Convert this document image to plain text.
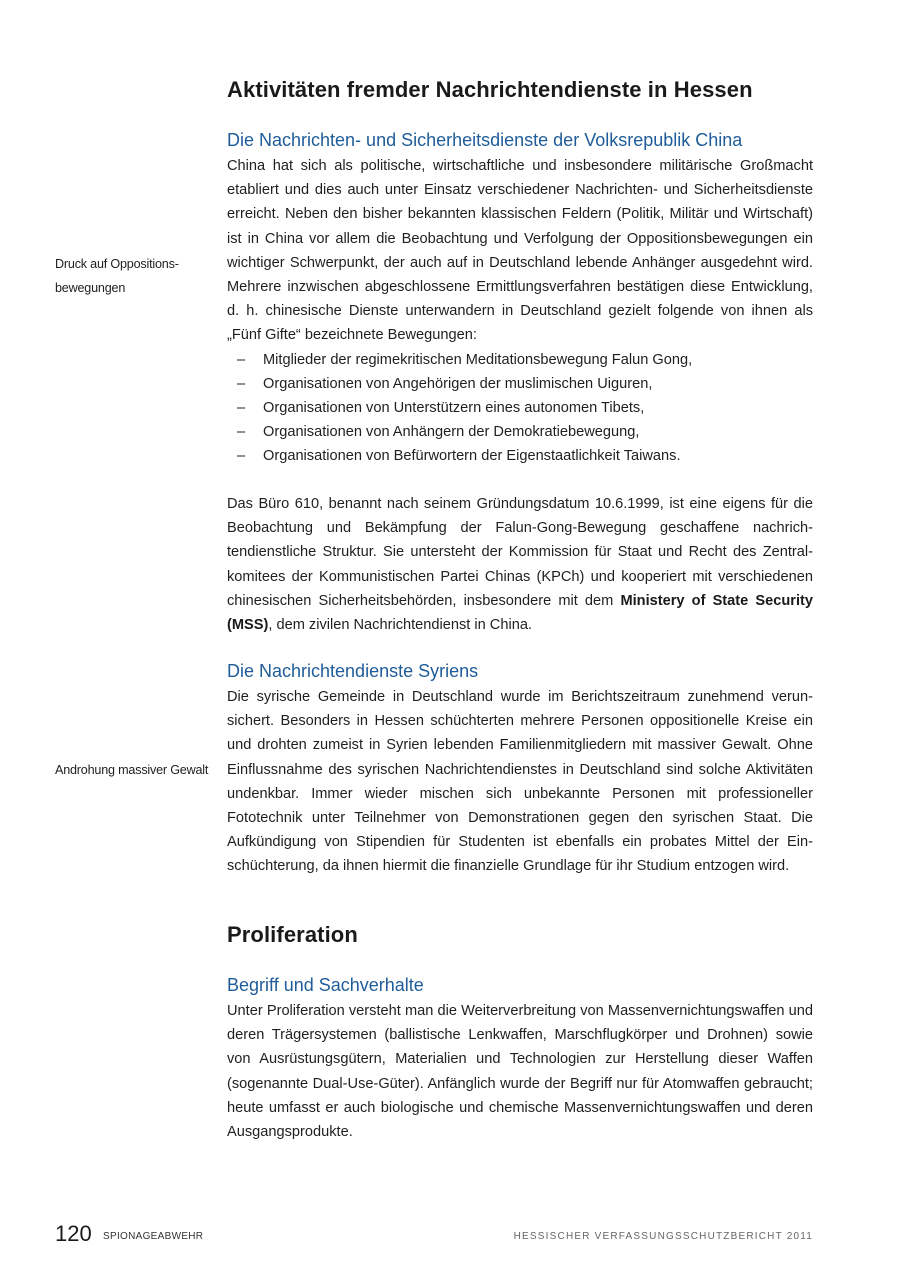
Aktivitäten fremder Nachrichtendienste in Hessen
Die Nachrichten- und Sicherheitsdienste der Volksrepublik China

China hat sich als politische, wirtschaftliche und insbesondere militärische Großmacht etabliert und dies auch unter Einsatz verschiedener Nachrichten- und Sicherheitsdienste erreicht. Neben den bisher bekannten klassischen Feldern (Politik, Militär und Wirtschaft) ist in China vor allem die Beobachtung und Verfolgung der Oppositionsbewegungen ein wichtiger Schwerpunkt, der auch auf in Deutschland lebende Anhänger ausgedehnt wird. Mehrere inzwischen abgeschlossene Ermittlungsverfahren bestätigen diese Entwicklung, d. h. chinesische Dienste unterwandern in Deutschland gezielt folgende von ihnen als „Fünf Gifte“ bezeichnete Bewegungen:

– Mitglieder der regimekritischen Meditationsbewegung Falun Gong,
– Organisationen von Angehörigen der muslimischen Uiguren,
– Organisationen von Unterstützern eines autonomen Tibets,
– Organisationen von Anhängern der Demokratiebewegung,
– Organisationen von Befürwortern der Eigenstaatlichkeit Taiwans.

Das Büro 610, benannt nach seinem Gründungsdatum 10.6.1999, ist eine eigens für die Beobachtung und Bekämpfung der Falun-Gong-Bewegung geschaffene nachrichtendienstliche Struktur. Sie untersteht der Kommission für Staat und Recht des Zentralkomitees der Kommunistischen Partei Chinas (KPCh) und kooperiert mit verschiedenen chinesischen Sicherheitsbehörden, insbesondere mit dem Ministery of State Security (MSS), dem zivilen Nachrichtendienst in China.

Druck auf Oppositions-
bewegungen
Die Nachrichtendienste Syriens

Die syrische Gemeinde in Deutschland wurde im Berichtszeitraum zunehmend verunsichert. Besonders in Hessen schüchterten mehrere Personen oppositionelle Kreise ein und drohten zumeist in Syrien lebenden Familienmitgliedern mit massiver Gewalt. Ohne Einflussnahme des syrischen Nachrichtendienstes in Deutschland sind solche Aktivitäten undenkbar. Immer wieder mischen sich unbekannte Personen mit professioneller Fototechnik unter Teilnehmer von Demonstrationen gegen den syrischen Staat. Die Aufkündigung von Stipendien für Studenten ist ebenfalls ein probates Mittel der Einschüchterung, da ihnen hiermit die finanzielle Grundlage für ihr Studium entzogen wird.

Androhung massiver Gewalt
Proliferation
Begriff und Sachverhalte

Unter Proliferation versteht man die Weiterverbreitung von Massenvernichtungswaffen und deren Trägersystemen (ballistische Lenkwaffen, Marschflugkörper und Drohnen) sowie von Ausrüstungsgütern, Materialien und Technologien zur Herstellung dieser Waffen (sogenannte Dual-Use-Güter). Anfänglich wurde der Begriff nur für Atomwaffen gebraucht; heute umfasst er auch biologische und chemische Massenvernichtungswaffen und deren Ausgangsprodukte.

120 SPIONAGEABWEHR	HESSISCHER VERFASSUNGSSCHUTZBERICHT 2011
